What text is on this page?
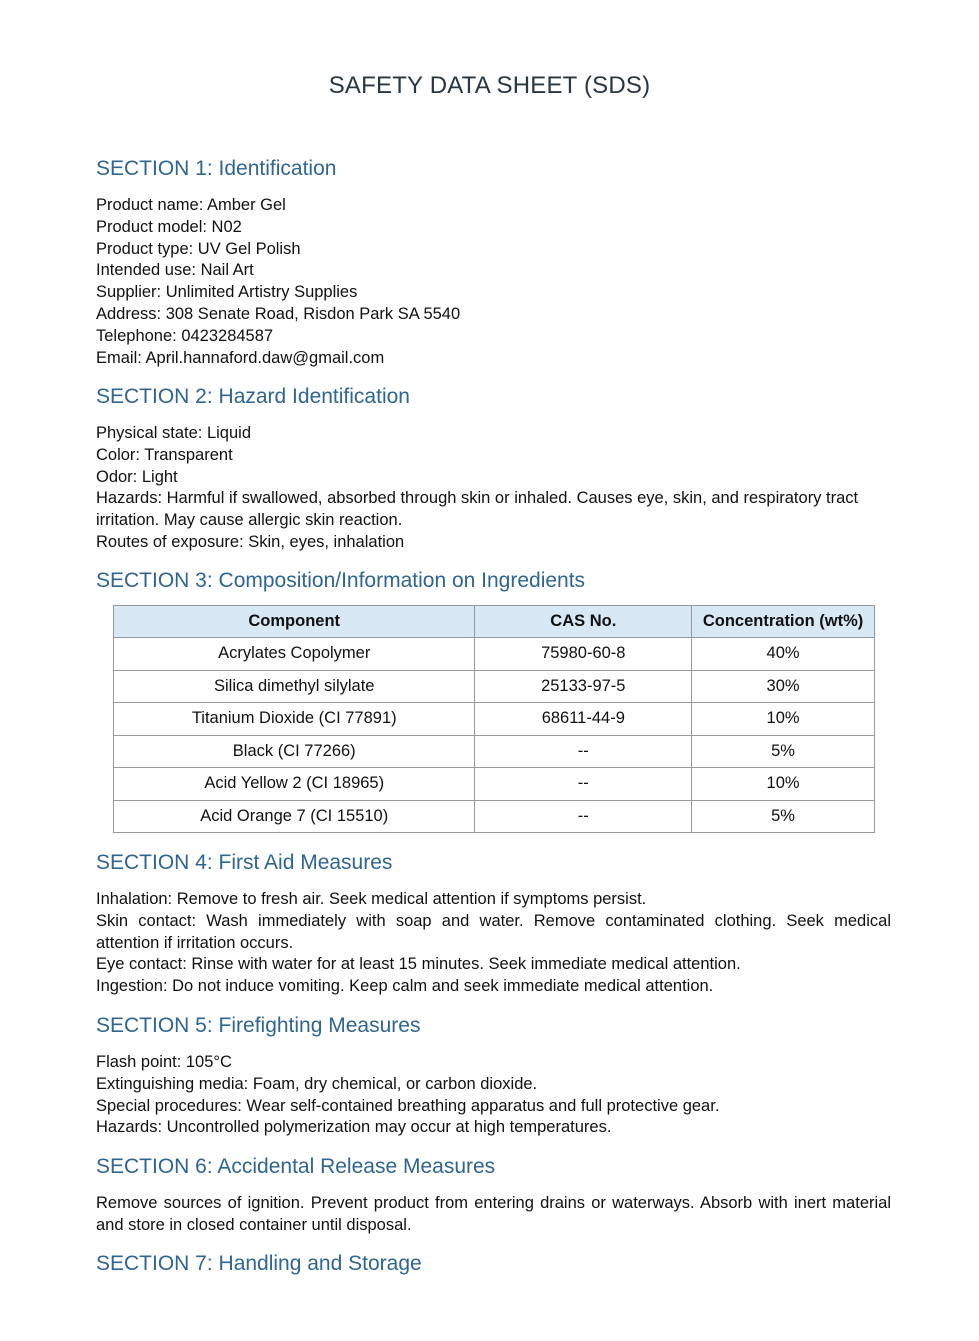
SAFETY DATA SHEET (SDS)
SECTION 1: Identification

Product name: Amber Gel

Product model: N02

Product type: UV Gel Polish

Intended use: Nail Art

Supplier: Unlimited Artistry Supplies

Address: 308 Senate Road, Risdon Park SA 5540

Telephone: 0423284587

Email: April.hannaford.daw@gmail.com

SECTION 2: Hazard Identification

Physical state: Liquid

Color: Transparent

Odor: Light

Hazards: Harmful if swallowed, absorbed through skin or inhaled. Causes eye, skin, and respiratory tract irritation. May cause allergic skin reaction.

Routes of exposure: Skin, eyes, inhalation

SECTION 3: Composition/Information on Ingredients
Component	CAS No.	Concentration (wt%)
Acrylates Copolymer	75980-60-8	40%
Silica dimethyl silylate	25133-97-5	30%
Titanium Dioxide (CI 77891)	68611-44-9	10%
Black (CI 77266)	--	5%
Acid Yellow 2 (CI 18965)	--	10%
Acid Orange 7 (CI 15510)	--	5%
SECTION 4: First Aid Measures

Inhalation: Remove to fresh air. Seek medical attention if symptoms persist.

Skin contact: Wash immediately with soap and water. Remove contaminated clothing. Seek medical attention if irritation occurs.

Eye contact: Rinse with water for at least 15 minutes. Seek immediate medical attention.

Ingestion: Do not induce vomiting. Keep calm and seek immediate medical attention.

SECTION 5: Firefighting Measures

Flash point: 105°C

Extinguishing media: Foam, dry chemical, or carbon dioxide.

Special procedures: Wear self-contained breathing apparatus and full protective gear.

Hazards: Uncontrolled polymerization may occur at high temperatures.

SECTION 6: Accidental Release Measures

Remove sources of ignition. Prevent product from entering drains or waterways. Absorb with inert material and store in closed container until disposal.

SECTION 7: Handling and Storage
